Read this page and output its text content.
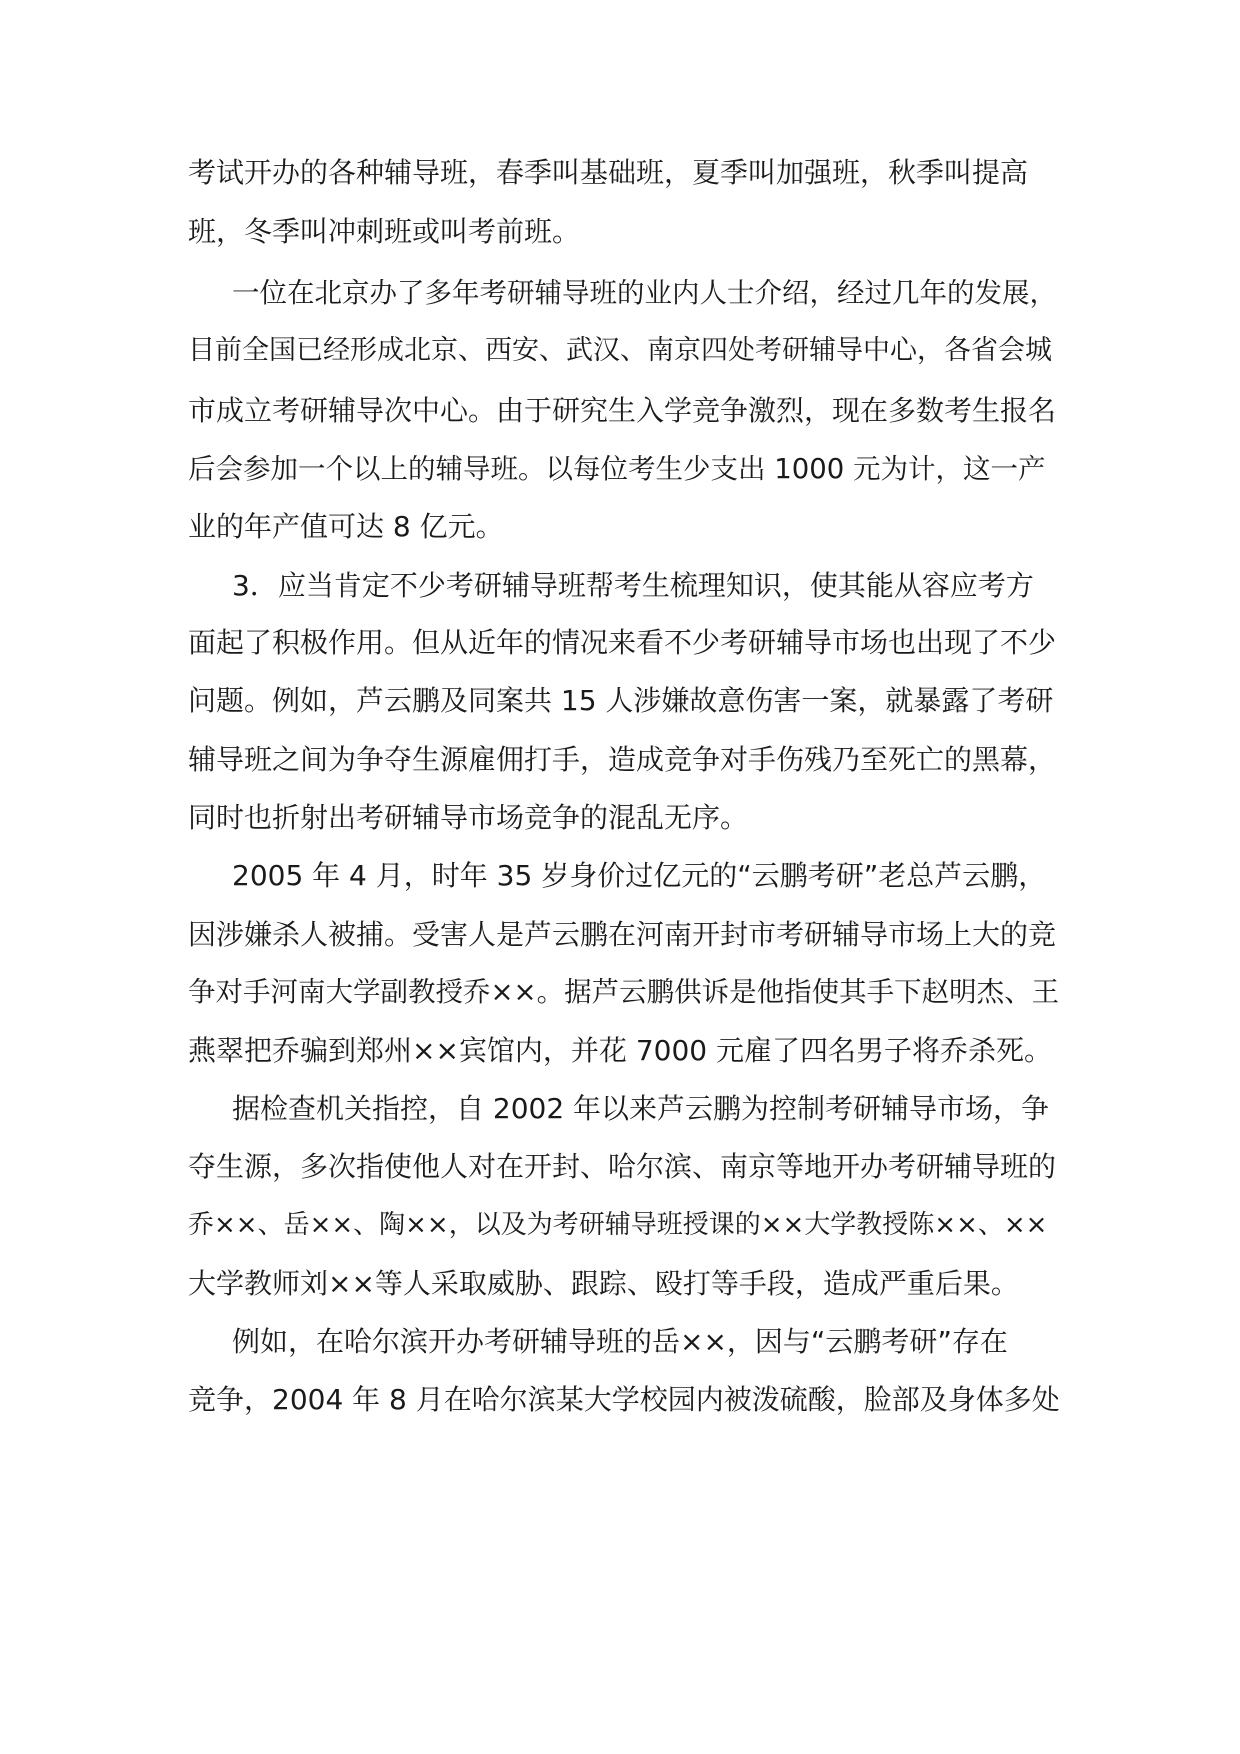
考试开办的各种辅导班，春季叫基础班，夏季叫加强班，秋季叫提高
班，冬季叫冲刺班或叫考前班。
一位在北京办了多年考研辅导班的业内人士介绍，经过几年的发展，
目前全国已经形成北京、西安、武汉、南京四处考研辅导中心，各省会城
市成立考研辅导次中心。由于研究生入学竞争激烈，现在多数考生报名
后会参加一个以上的辅导班。以每位考生少支出 1000 元为计，这一产
业的年产值可达 8 亿元。
3．应当肯定不少考研辅导班帮考生梳理知识，使其能从容应考方
面起了积极作用。但从近年的情况来看不少考研辅导市场也出现了不少
问题。例如，芦云鹏及同案共 15 人涉嫌故意伤害一案，就暴露了考研
辅导班之间为争夺生源雇佣打手，造成竞争对手伤残乃至死亡的黑幕，
同时也折射出考研辅导市场竞争的混乱无序。
2005 年 4 月，时年 35 岁身价过亿元的“云鹏考研”老总芦云鹏，
因涉嫌杀人被捕。受害人是芦云鹏在河南开封市考研辅导市场上大的竞
争对手河南大学副教授乔××。据芦云鹏供诉是他指使其手下赵明杰、王
燕翠把乔骗到郑州××宾馆内，并花 7000 元雇了四名男子将乔杀死。
据检查机关指控，自 2002 年以来芦云鹏为控制考研辅导市场，争
夺生源，多次指使他人对在开封、哈尔滨、南京等地开办考研辅导班的
乔××、岳××、陶××，以及为考研辅导班授课的××大学教授陈××、××
大学教师刘××等人采取威胁、跟踪、殴打等手段，造成严重后果。
例如，在哈尔滨开办考研辅导班的岳××，因与“云鹏考研”存在
竞争，2004 年 8 月在哈尔滨某大学校园内被泼硫酸，脸部及身体多处
